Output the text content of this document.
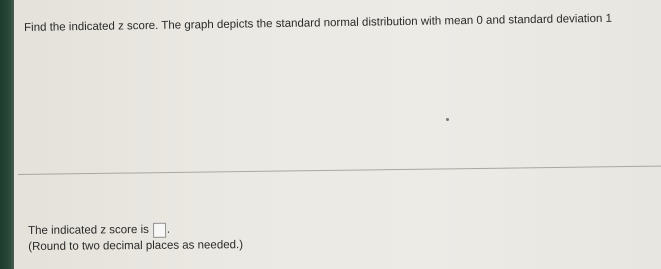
Find the indicated z score. The graph depicts the standard normal distribution with mean 0 and standard deviation 1
The indicated z score is .
(Round to two decimal places as needed.)
